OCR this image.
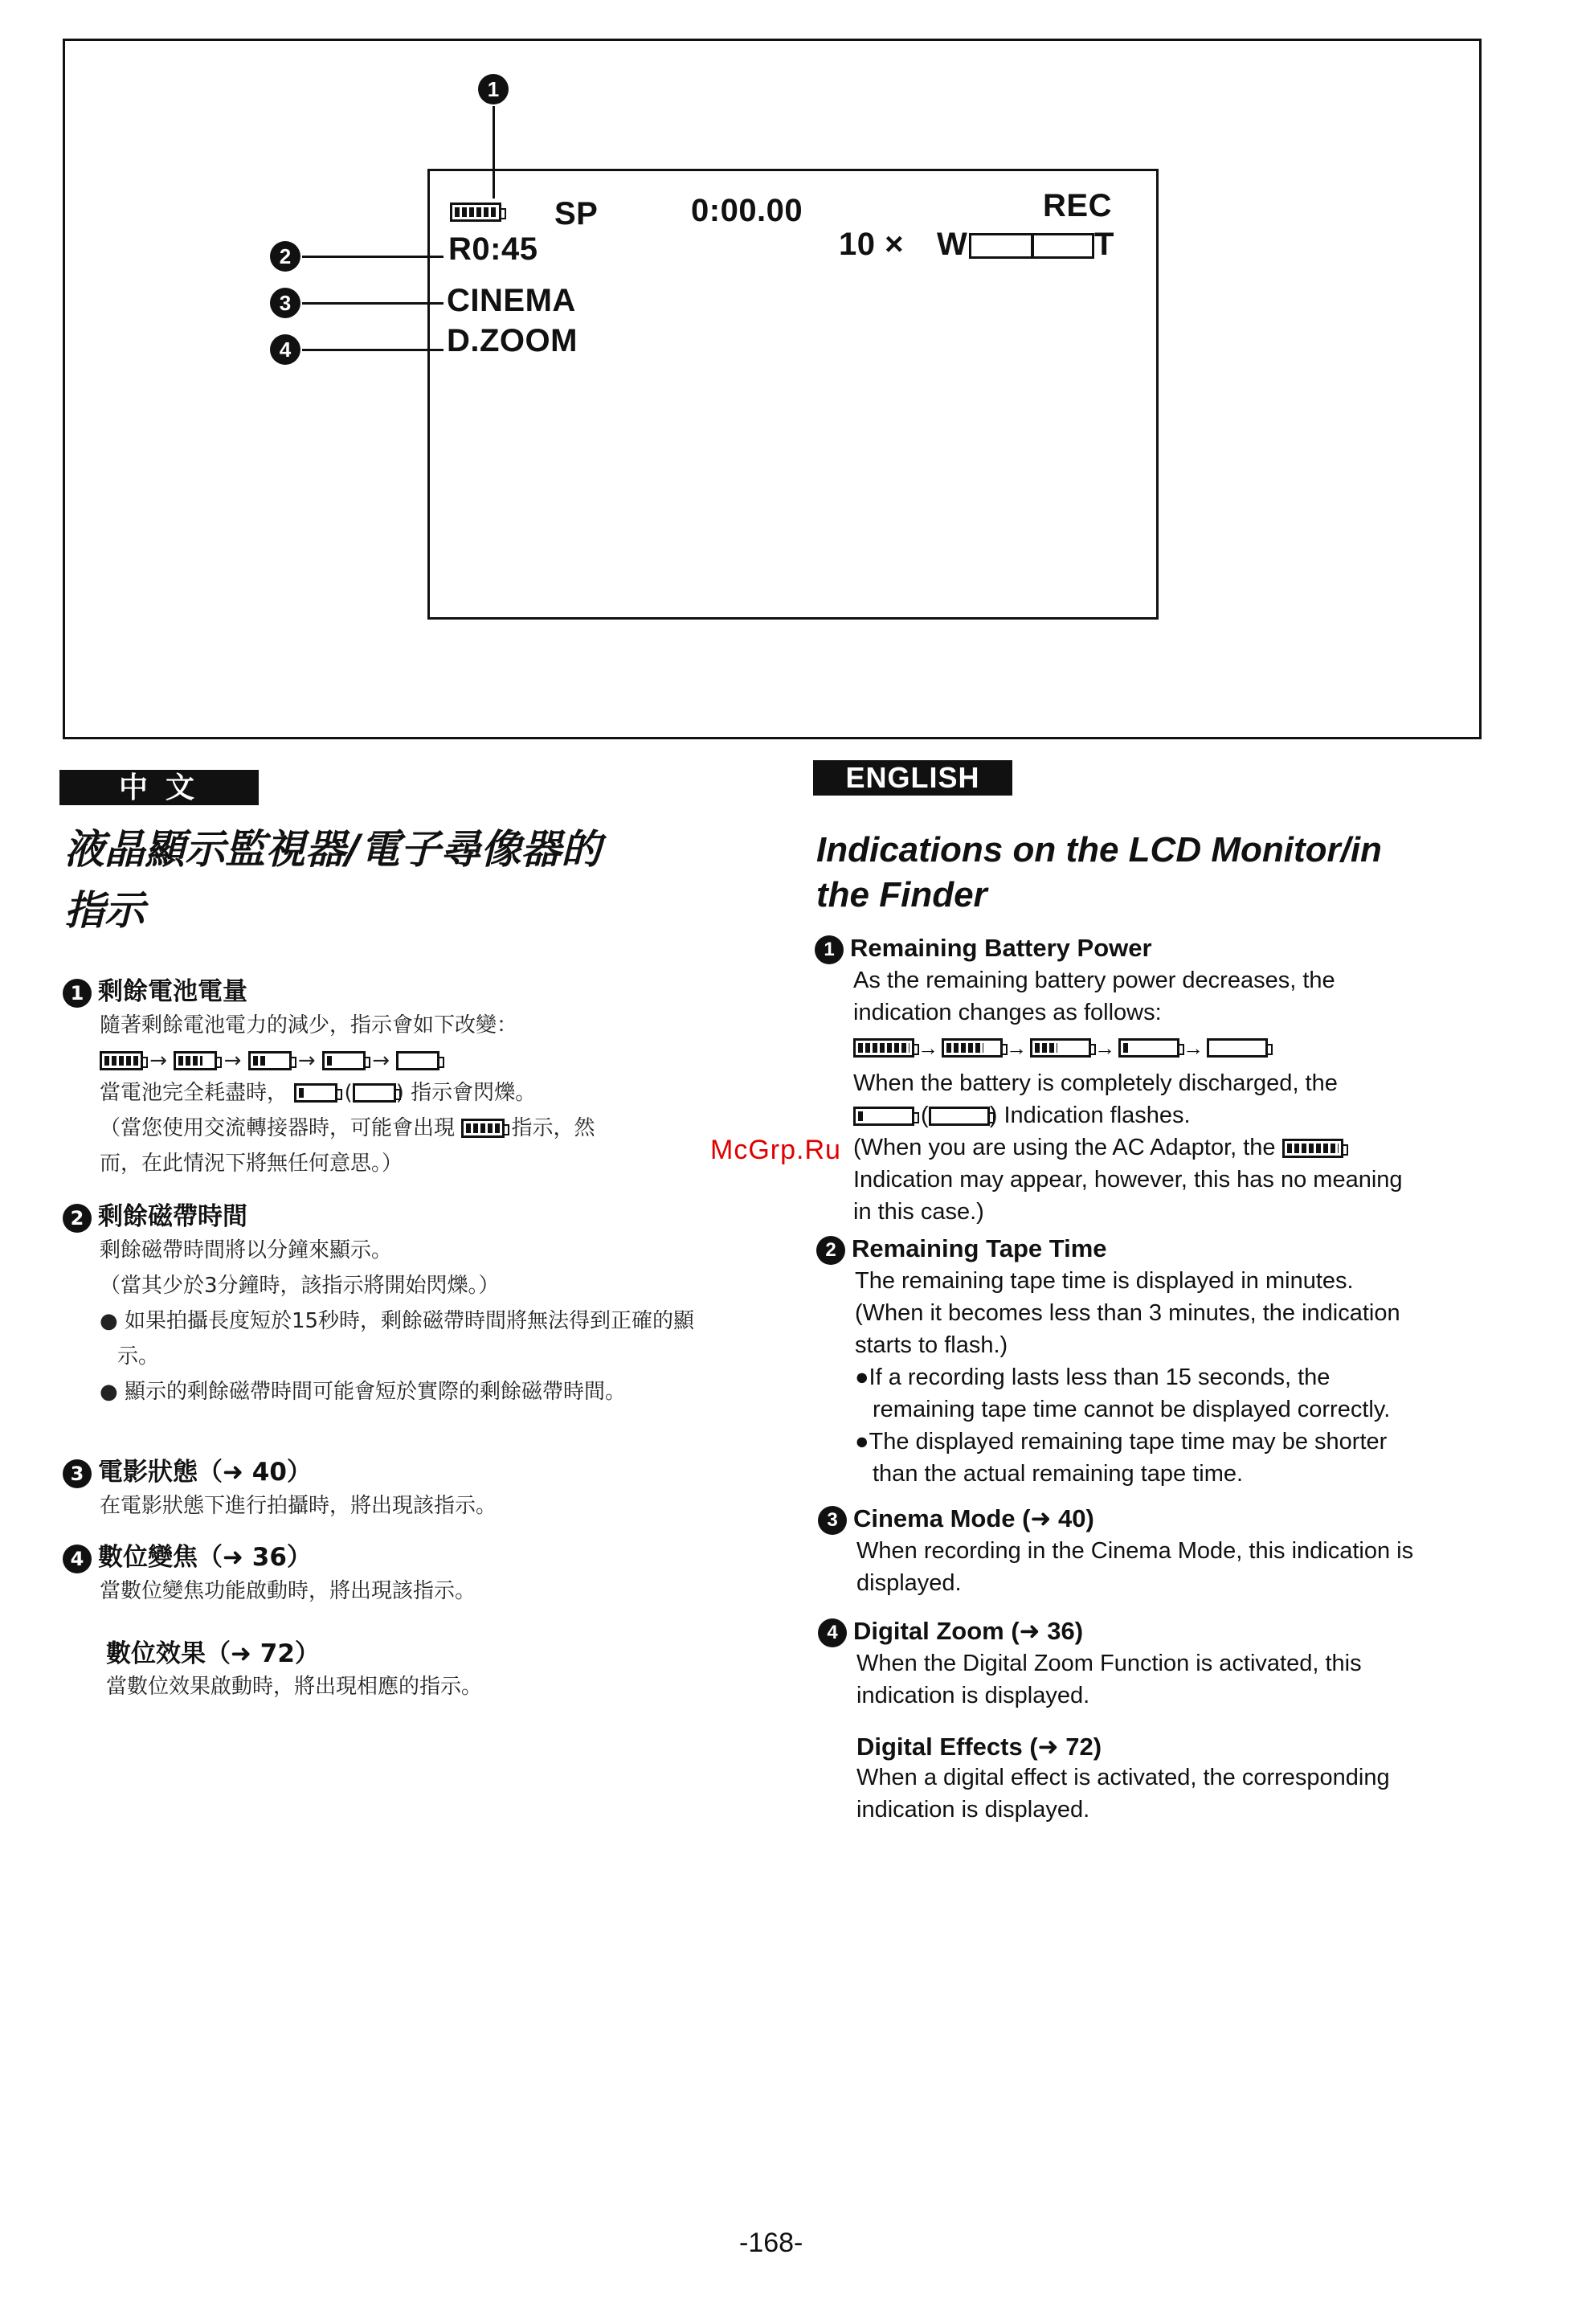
1
SP	0:00.00	REC
R0:45	10 × W	T
CINEMA
D.ZOOM
2
3
4
中 文
液晶顯示監視器/電子尋像器的
指示
1 剩餘電池電量
隨著剩餘電池電力的減少，指示會如下改變：
→
→
→
→
當電池完全耗盡時，
( ) 指示會閃爍。
（當您使用交流轉接器時，可能會出現	指示，然
而，在此情況下將無任何意思。）
2 剩餘磁帶時間
剩餘磁帶時間將以分鐘來顯示。
（當其少於3分鐘時，該指示將開始閃爍。）
● 如果拍攝長度短於15秒時，剩餘磁帶時間將無法得到正確的顯示。
● 顯示的剩餘磁帶時間可能會短於實際的剩餘磁帶時間。
3 電影狀態（➜ 40）
在電影狀態下進行拍攝時，將出現該指示。
4 數位變焦（➜ 36）
當數位變焦功能啟動時，將出現該指示。
數位效果（➜ 72）
當數位效果啟動時，將出現相應的指示。
ENGLISH
Indications on the LCD Monitor/in
the Finder
1 Remaining Battery Power
As the remaining battery power decreases, the
indication changes as follows:
→	→	→	→
When the battery is completely discharged, the
(	) Indication flashes.
(When you are using the AC Adaptor, the
Indication may appear, however, this has no meaning
in this case.)
2 Remaining Tape Time
The remaining tape time is displayed in minutes.
(When it becomes less than 3 minutes, the indication
starts to flash.)
●If a recording lasts less than 15 seconds, the
remaining tape time cannot be displayed correctly.
●The displayed remaining tape time may be shorter
than the actual remaining tape time.
3 Cinema Mode (➜ 40)
When recording in the Cinema Mode, this indication is
displayed.
4 Digital Zoom (➜ 36)
When the Digital Zoom Function is activated, this
indication is displayed.
Digital Effects (➜ 72)
When a digital effect is activated, the corresponding
indication is displayed.
McGrp.Ru
-168-
